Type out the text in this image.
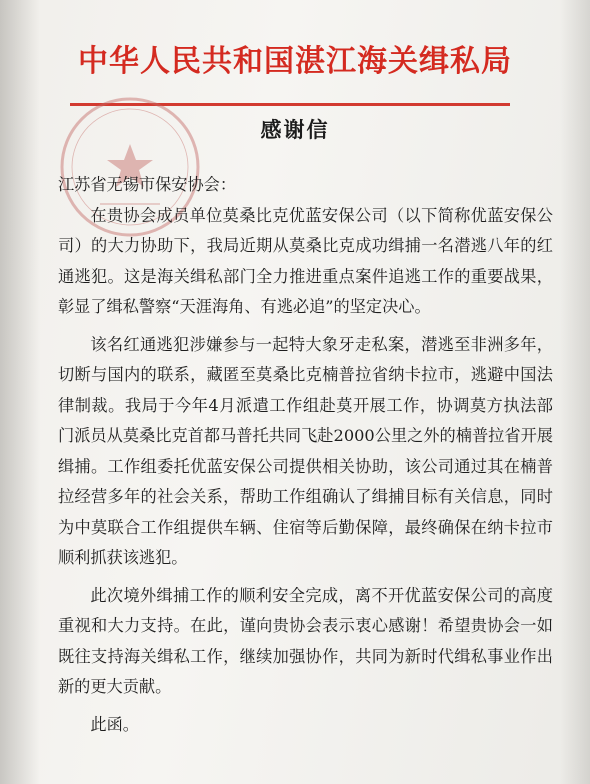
中华人民共和国湛江海关缉私局
感谢信

江苏省无锡市保安协会：

在贵协会成员单位莫桑比克优蓝安保公司（以下简称优蓝安保公司）的大力协助下，我局近期从莫桑比克成功缉捕一名潜逃八年的红通逃犯。这是海关缉私部门全力推进重点案件追逃工作的重要战果，彰显了缉私警察“天涯海角、有逃必追”的坚定决心。

该名红通逃犯涉嫌参与一起特大象牙走私案，潜逃至非洲多年，切断与国内的联系，藏匿至莫桑比克楠普拉省纳卡拉市，逃避中国法律制裁。我局于今年4月派遣工作组赴莫开展工作，协调莫方执法部门派员从莫桑比克首都马普托共同飞赴2000公里之外的楠普拉省开展缉捕。工作组委托优蓝安保公司提供相关协助，该公司通过其在楠普拉经营多年的社会关系，帮助工作组确认了缉捕目标有关信息，同时为中莫联合工作组提供车辆、住宿等后勤保障，最终确保在纳卡拉市顺利抓获该逃犯。

此次境外缉捕工作的顺利安全完成，离不开优蓝安保公司的高度重视和大力支持。在此，谨向贵协会表示衷心感谢！希望贵协会一如既往支持海关缉私工作，继续加强协作，共同为新时代缉私事业作出新的更大贡献。

此函。
